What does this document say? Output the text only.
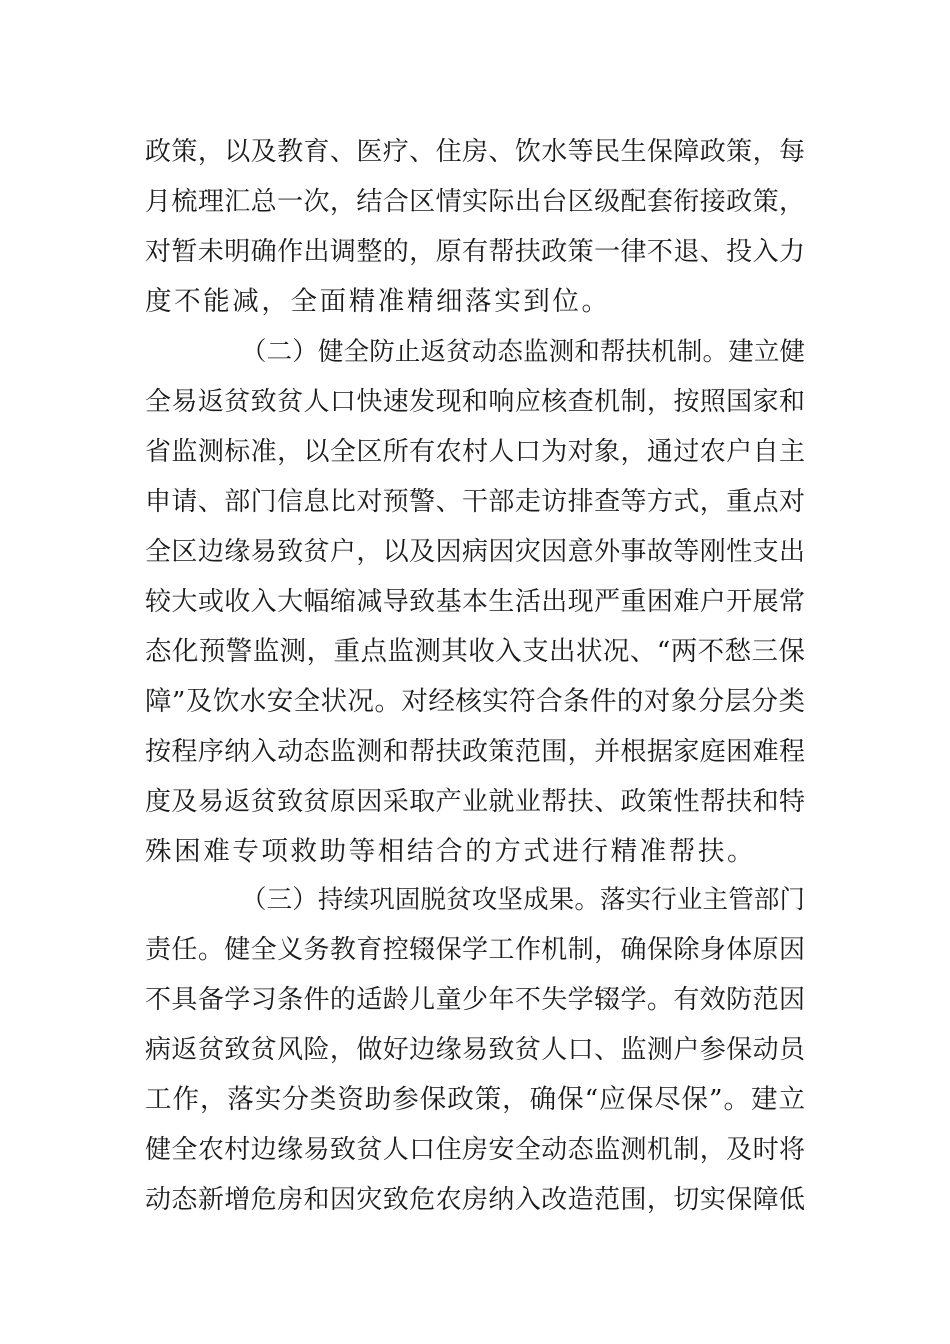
政策，以及教育、医疗、住房、饮水等民生保障政策，每
月梳理汇总一次，结合区情实际出台区级配套衔接政策，
对暂未明确作出调整的，原有帮扶政策一律不退、投入力
度不能减，全面精准精细落实到位。
（二）健全防止返贫动态监测和帮扶机制。建立健
全易返贫致贫人口快速发现和响应核查机制，按照国家和
省监测标准，以全区所有农村人口为对象，通过农户自主
申请、部门信息比对预警、干部走访排查等方式，重点对
全区边缘易致贫户，以及因病因灾因意外事故等刚性支出
较大或收入大幅缩减导致基本生活出现严重困难户开展常
态化预警监测，重点监测其收入支出状况、“两不愁三保
障”及饮水安全状况。对经核实符合条件的对象分层分类
按程序纳入动态监测和帮扶政策范围，并根据家庭困难程
度及易返贫致贫原因采取产业就业帮扶、政策性帮扶和特
殊困难专项救助等相结合的方式进行精准帮扶。
（三）持续巩固脱贫攻坚成果。落实行业主管部门
责任。健全义务教育控辍保学工作机制，确保除身体原因
不具备学习条件的适龄儿童少年不失学辍学。有效防范因
病返贫致贫风险，做好边缘易致贫人口、监测户参保动员
工作，落实分类资助参保政策，确保“应保尽保”。建立
健全农村边缘易致贫人口住房安全动态监测机制，及时将
动态新增危房和因灾致危农房纳入改造范围，切实保障低
